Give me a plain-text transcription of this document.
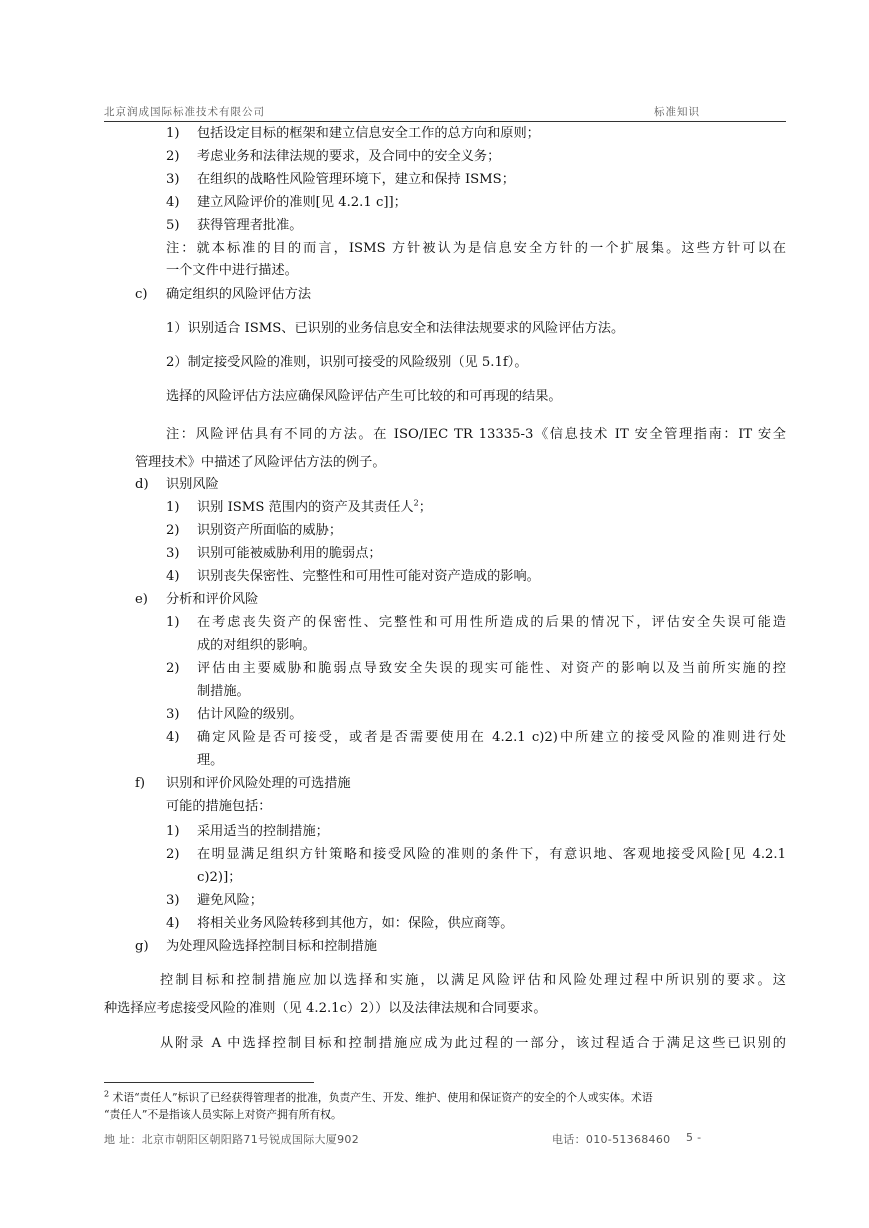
北京润成国际标准技术有限公司	标准知识
1) 包括设定目标的框架和建立信息安全工作的总方向和原则；
2) 考虑业务和法律法规的要求，及合同中的安全义务；
3) 在组织的战略性风险管理环境下，建立和保持 ISMS；
4) 建立风险评价的准则[见 4.2.1 c]]；
5) 获得管理者批准。
注：就本标准的目的而言，ISMS 方针被认为是信息安全方针的一个扩展集。这些方针可以在
一个文件中进行描述。
c) 确定组织的风险评估方法
1）识别适合 ISMS、已识别的业务信息安全和法律法规要求的风险评估方法。
2）制定接受风险的准则，识别可接受的风险级别（见 5.1f）。
选择的风险评估方法应确保风险评估产生可比较的和可再现的结果。
注：风险评估具有不同的方法。在 ISO/IEC TR 13335-3《信息技术 IT 安全管理指南：IT 安全
管理技术》中描述了风险评估方法的例子。
d) 识别风险
1) 识别 ISMS 范围内的资产及其责任人$^2$；
2) 识别资产所面临的威胁；
3) 识别可能被威胁利用的脆弱点；
4) 识别丧失保密性、完整性和可用性可能对资产造成的影响。
e) 分析和评价风险
1) 在考虑丧失资产的保密性、完整性和可用性所造成的后果的情况下，评估安全失误可能造
成的对组织的影响。
2) 评估由主要威胁和脆弱点导致安全失误的现实可能性、对资产的影响以及当前所实施的控
制措施。
3) 估计风险的级别。
4) 确定风险是否可接受，或者是否需要使用在 4.2.1 c)2)中所建立的接受风险的准则进行处
理。
f) 识别和评价风险处理的可选措施
可能的措施包括：
1) 采用适当的控制措施；
2) 在明显满足组织方针策略和接受风险的准则的条件下，有意识地、客观地接受风险[见 4.2.1
c)2)]；
3) 避免风险；
4) 将相关业务风险转移到其他方，如：保险，供应商等。
g) 为处理风险选择控制目标和控制措施
控制目标和控制措施应加以选择和实施，以满足风险评估和风险处理过程中所识别的要求。这
种选择应考虑接受风险的准则（见 4.2.1c）2））以及法律法规和合同要求。
从附录 A 中选择控制目标和控制措施应成为此过程的一部分，该过程适合于满足这些已识别的
$^2$ 术语“责任人”标识了已经获得管理者的批准，负责产生、开发、维护、使用和保证资产的安全的个人或实体。术语
“责任人”不是指该人员实际上对资产拥有所有权。
地 址：北京市朝阳区朝阳路71号锐成国际大厦902	电话：010-51368460 5 -
